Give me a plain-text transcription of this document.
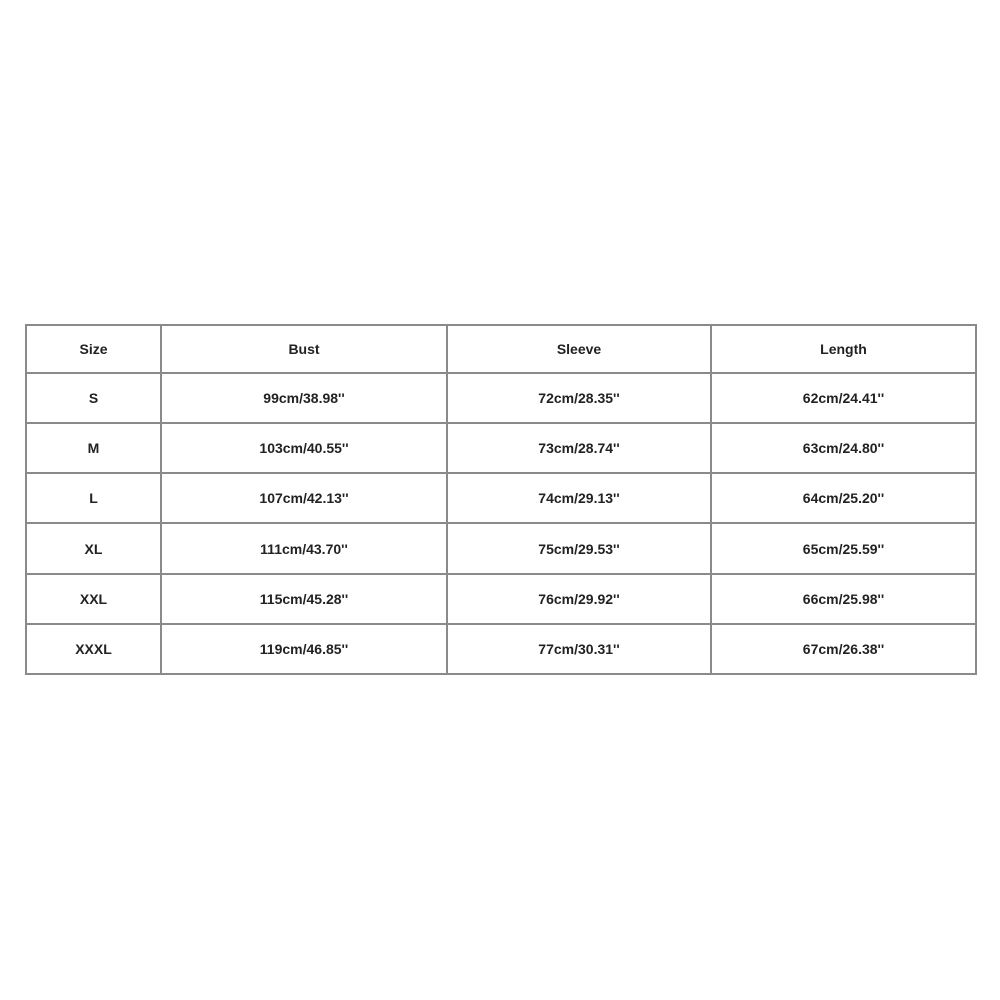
Size	Bust	Sleeve	Length
S	99cm/38.98''	72cm/28.35''	62cm/24.41''
M	103cm/40.55''	73cm/28.74''	63cm/24.80''
L	107cm/42.13''	74cm/29.13''	64cm/25.20''
XL	111cm/43.70''	75cm/29.53''	65cm/25.59''
XXL	115cm/45.28''	76cm/29.92''	66cm/25.98''
XXXL	119cm/46.85''	77cm/30.31''	67cm/26.38''
